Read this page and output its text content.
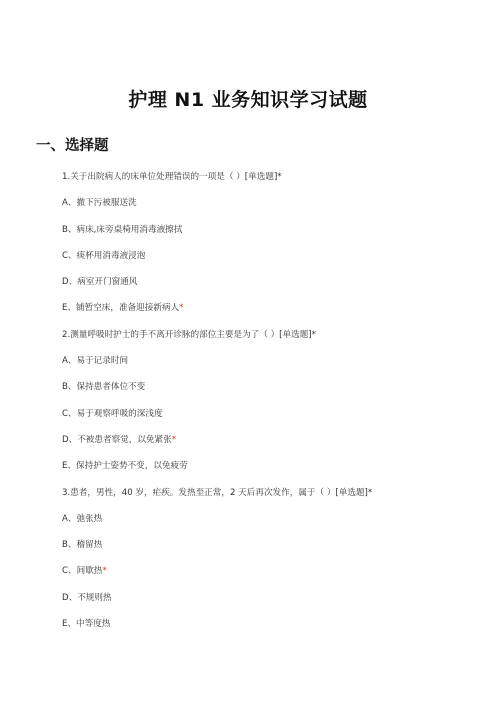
护理 N1 业务知识学习试题
一、选择题
1.关于出院病人的床单位处理错误的一项是（ ）[单选题]*
A、撤下污被服送洗
B、病床,床旁桌椅用消毒液擦拭
C、痰杯用消毒液浸泡
D、病室开门窗通风
E、铺暂空床，准备迎接新病人*
2.测量呼吸时护士的手不离开诊脉的部位主要是为了（ ）[单选题]*
A、易于记录时间
B、保持患者体位不变
C、易于观察呼吸的深浅度
D、不被患者察觉，以免紧张*
E、保持护士姿势不变，以免疲劳
3.患者，男性，40 岁，疟疾。发热至正常，2 天后再次发作，属于（ ）[单选题]*
A、弛张热
B、稽留热
C、间歇热*
D、不规则热
E、中等度热
